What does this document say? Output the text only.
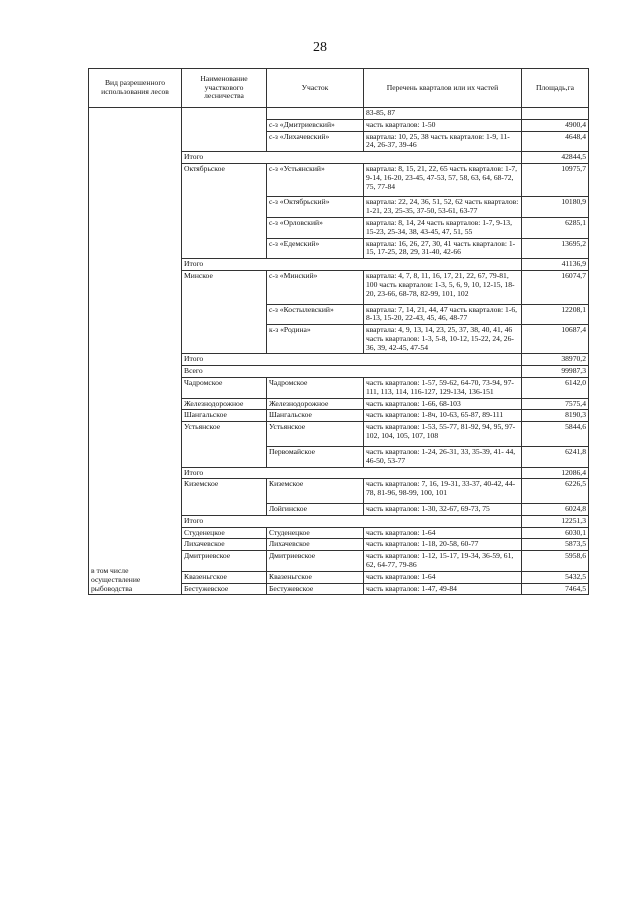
28
Вид разрешенного использования лесов	Наименование участкового лесничества	Участок	Перечень кварталов или их частей	Площадь,га

в том числе осуществление рыбоводства			83-85, 87	
		с-з «Дмитриевский»	часть кварталов: 1-50	4900,4
		с-з «Лихачевский»	квартала: 10, 25, 38 часть кварталов: 1-9, 11-24, 26-37, 39-46	4648,4
	Итого			42844,5
	Октябрьское	с-з «Устьянский»	квартала: 8, 15, 21, 22, 65 часть кварталов: 1-7, 9-14, 16-20, 23-45, 47-53, 57, 58, 63, 64, 68-72, 75, 77-84	10975,7
		с-з «Октябрьский»	квартала: 22, 24, 36, 51, 52, 62 часть кварталов: 1-21, 23, 25-35, 37-50, 53-61, 63-77	10180,9
		с-з «Орловский»	квартала: 8, 14, 24 часть кварталов: 1-7, 9-13, 15-23, 25-34, 38, 43-45, 47, 51, 55	6285,1
		с-з «Едемский»	квартала: 16, 26, 27, 30, 41 часть кварталов: 1-15, 17-25, 28, 29, 31-40, 42-66	13695,2
	Итого			41136,9
	Минское	с-з «Минский»	квартала: 4, 7, 8, 11, 16, 17, 21, 22, 67, 79-81, 100 часть кварталов: 1-3, 5, 6, 9, 10, 12-15, 18-20, 23-66, 68-78, 82-99, 101, 102	16074,7
		с-з «Костылевский»	квартала: 7, 14, 21, 44, 47 часть кварталов: 1-6, 8-13, 15-20, 22-43, 45, 46, 48-77	12208,1
		к-з «Родина»	квартала: 4, 9, 13, 14, 23, 25, 37, 38, 40, 41, 46 часть кварталов: 1-3, 5-8, 10-12, 15-22, 24, 26-36, 39, 42-45, 47-54	10687,4
	Итого			38970,2
	Всего			99987,3
	Чадромское	Чадромское	часть кварталов: 1-57, 59-62, 64-70, 73-94, 97-111, 113, 114, 116-127, 129-134, 136-151	6142,0
	Железнодорожное	Железнодорожное	часть кварталов: 1-66, 68-103	7575,4
	Шангальское	Шангальское	часть кварталов: 1-8ч, 10-63, 65-87, 89-111	8190,3
	Устьянское	Устьянское	часть кварталов: 1-53, 55-77, 81-92, 94, 95, 97-102, 104, 105, 107, 108	5844,6
		Первомайское	часть кварталов: 1-24, 26-31, 33, 35-39, 41- 44, 46-50, 53-77	6241,8
	Итого			12086,4
	Киземское	Киземское	часть кварталов: 7, 16, 19-31, 33-37, 40-42, 44-78, 81-96, 98-99, 100, 101	6226,5
		Лойгинское	часть кварталов: 1-30, 32-67, 69-73, 75	6024,8
	Итого			12251,3
	Студенецкое	Студенецкое	часть кварталов: 1-64	6030,1
	Лихачевское	Лихачевское	часть кварталов: 1-18, 20-58, 60-77	5873,5
	Дмитриевское	Дмитриевское	часть кварталов: 1-12, 15-17, 19-34, 36-59, 61, 62, 64-77, 79-86	5958,6
	Квазеньгское	Квазеньгское	часть кварталов: 1-64	5432,5
	Бестужевское	Бестужевское	часть кварталов: 1-47, 49-84	7464,5
